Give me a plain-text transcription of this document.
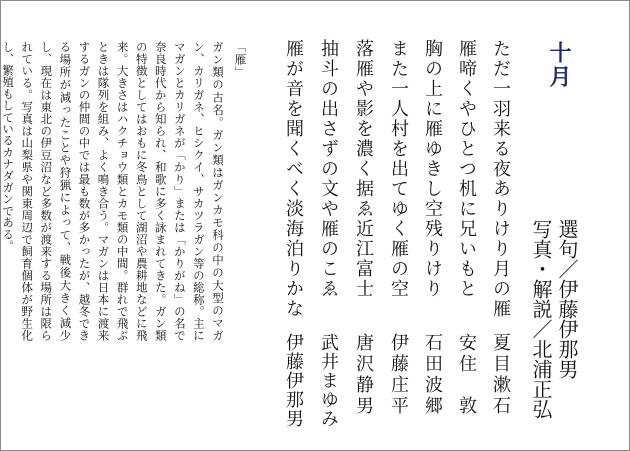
十月
選句／伊藤伊那男
写真・解説／北浦正弘
ただ一羽来る夜ありけり月の雁
夏目漱石
雁啼くやひとつ机に兄いもと
安住　敦
胸の上に雁ゆきし空残りけり
石田波郷
また一人村を出てゆく雁の空
伊藤庄平
落雁や影を濃く据ゑ近江富士
唐沢静男
抽斗の出さずの文や雁のこゑ
武井まゆみ
雁が音を聞くべく淡海泊りかな
伊藤伊那男
「雁」
ガン類の古名。ガン類はガンカモ科の中の大型のマガン、カリガネ、ヒシクイ、サカツラガン等の総称。主にマガンとカリガネが「かり」または「かりがね」の名で奈良時代から知られ、和歌に多く詠まれてきた。ガン類の特徴としてはおもに冬鳥として湖沼や農耕地などに飛来。大きさはハクチョウ類とカモ類の中間。群れで飛ぶときは隊列を組み、よく鳴き合う。マガンは日本に渡来するガンの仲間の中では最も数が多かったが、越冬できる場所が減ったことや狩猟によって、戦後大きく減少し、現在は東北の伊豆沼など多数が渡来する場所は限られている。写真は山梨県や関東周辺で飼育個体が野生化し、繁殖もしているカナダガンである。
